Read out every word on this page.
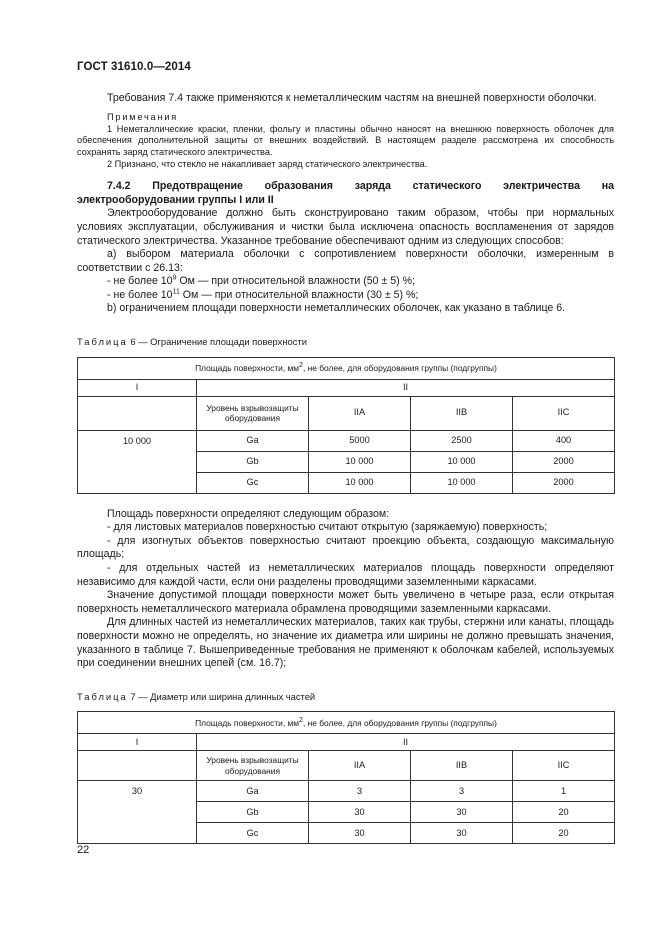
ГОСТ 31610.0—2014

Требования 7.4 также применяются к неметаллическим частям на внешней поверхности оболочки.

Примечания

1 Неметаллические краски, пленки, фольгу и пластины обычно наносят на внешнюю поверхность оболочек для обеспечения дополнительной защиты от внешних воздействий. В настоящем разделе рассмотрена их способность сохранять заряд статического электричества.

2 Признано, что стекло не накапливает заряд статического электричества.

7.4.2 Предотвращение образования заряда статического электричества на электрооборудовании группы I или II

Электрооборудование должно быть сконструировано таким образом, чтобы при нормальных условиях эксплуатации, обслуживания и чистки была исключена опасность воспламенения от зарядов статического электричества. Указанное требование обеспечивают одним из следующих способов:

a) выбором материала оболочки с сопротивлением поверхности оболочки, измеренным в соответствии с 26.13:

- не более $10^9$ Ом — при относительной влажности (50 ± 5) %;

- не более $10^{11}$ Ом — при относительной влажности (30 ± 5) %;

b) ограничением площади поверхности неметаллических оболочек, как указано в таблице 6.

Таблица 6 — Ограничение площади поверхности

Площадь поверхности, $мм^2$, не более, для оборудования группы (подгруппы)				
I	II			
	Уровень взрывозащиты оборудования	IIA	IIB	IIC
10 000	Ga	5000	2500	400
	Gb	10 000	10 000	2000
	Gc	10 000	10 000	2000

Площадь поверхности определяют следующим образом:

- для листовых материалов поверхностью считают открытую (заряжаемую) поверхность;

- для изогнутых объектов поверхностью считают проекцию объекта, создающую максимальную площадь;

- для отдельных частей из неметаллических материалов площадь поверхности определяют независимо для каждой части, если они разделены проводящими заземленными каркасами.

Значение допустимой площади поверхности может быть увеличено в четыре раза, если открытая поверхность неметаллического материала обрамлена проводящими заземленными каркасами.

Для длинных частей из неметаллических материалов, таких как трубы, стержни или канаты, площадь поверхности можно не определять, но значение их диаметра или ширины не должно превышать значения, указанного в таблице 7. Вышеприведенные требования не применяют к оболочкам кабелей, используемых при соединении внешних цепей (см. 16.7);

Таблица 7 — Диаметр или ширина длинных частей

Площадь поверхности, $мм^2$, не более, для оборудования группы (подгруппы)				
I	II			
	Уровень взрывозащиты оборудования	IIA	IIB	IIC
30	Ga	3	3	1
	Gb	30	30	20
	Gc	30	30	20
22
